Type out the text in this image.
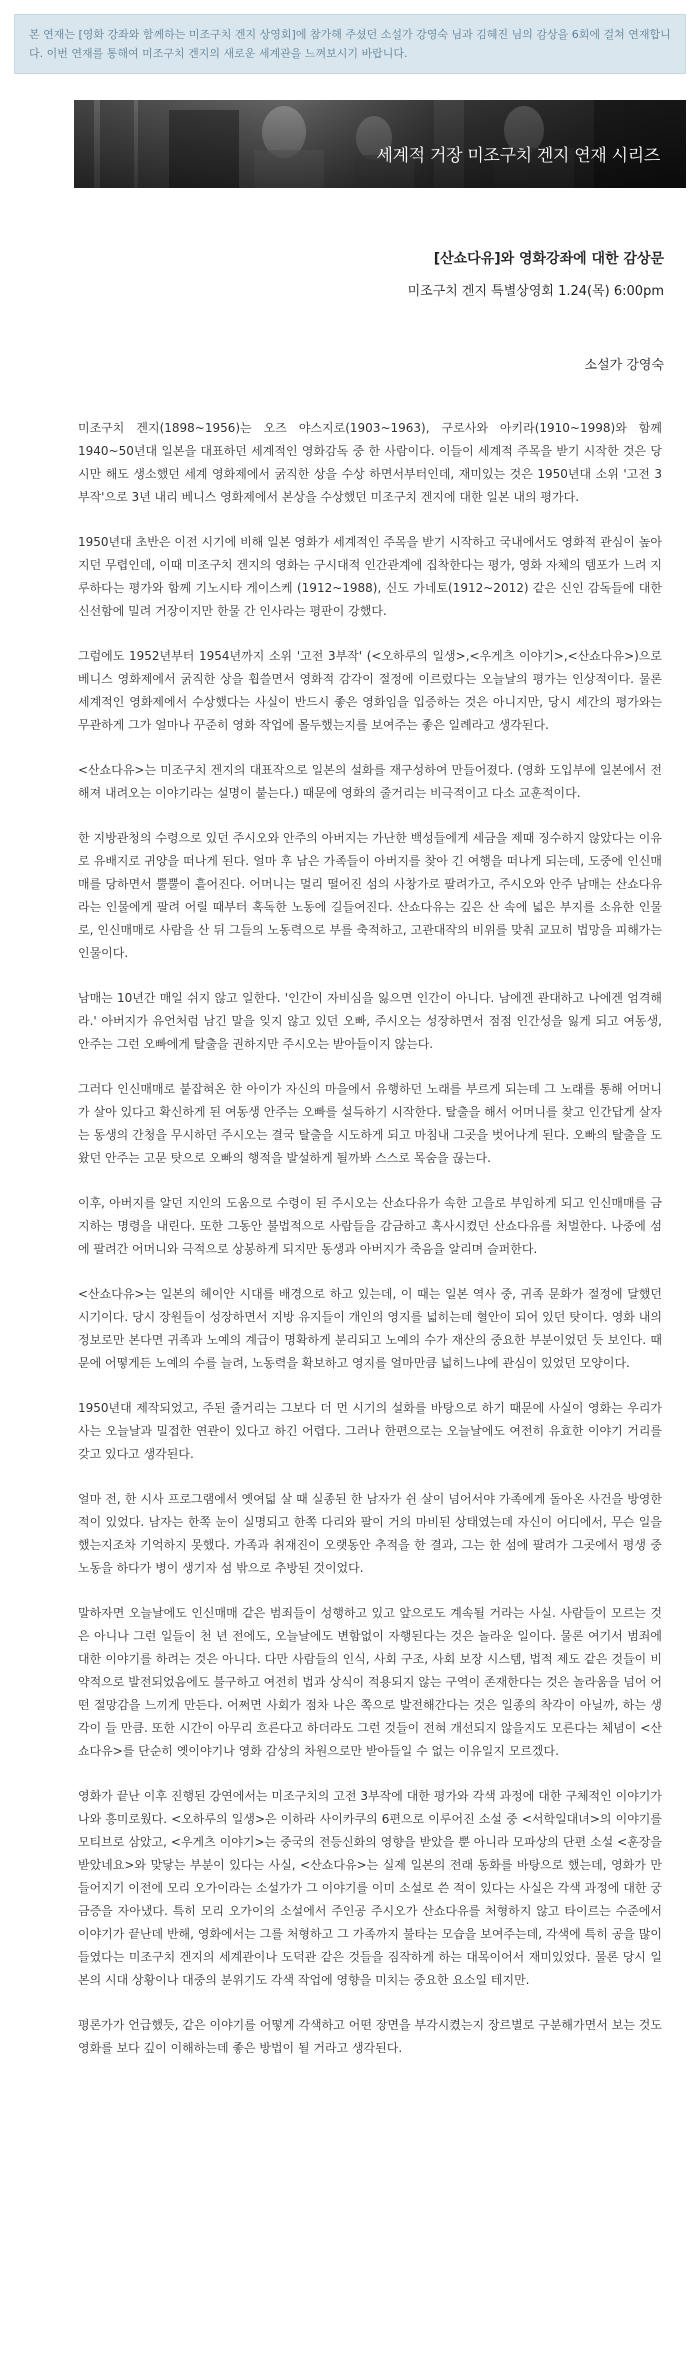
본 연재는 [영화 강좌와 함께하는 미조구치 겐지 상영회]에 참가해 주셨던 소설가 강영숙 님과 김혜진 님의 감상을 6회에 걸쳐 연재합니다. 이번 연재를 통해여 미조구치 겐지의 새로운 세계관을 느껴보시기 바랍니다.
세계적 거장 미조구치 겐지 연재 시리즈
[산쇼다유]와 영화강좌에 대한 감상문
미조구치 겐지 특별상영회 1.24(목) 6:00pm
소설가 강영숙

미조구치 겐지(1898~1956)는 오즈 야스지로(1903~1963), 구로사와 아키라(1910~1998)와 함께 1940~50년대 일본을 대표하던 세계적인 영화감독 중 한 사람이다. 이들이 세계적 주목을 받기 시작한 것은 당시만 해도 생소했던 세계 영화제에서 굵직한 상을 수상 하면서부터인데, 재미있는 것은 1950년대 소위 '고전 3부작'으로 3년 내리 베니스 영화제에서 본상을 수상했던 미조구치 겐지에 대한 일본 내의 평가다.

1950년대 초반은 이전 시기에 비해 일본 영화가 세계적인 주목을 받기 시작하고 국내에서도 영화적 관심이 높아지던 무렵인데, 이때 미조구치 겐지의 영화는 구시대적 인간관계에 집착한다는 평가, 영화 자체의 템포가 느려 지루하다는 평가와 함께 기노시타 게이스케 (1912~1988), 신도 가네토(1912~2012) 같은 신인 감독들에 대한 신선함에 밀려 거장이지만 한물 간 인사라는 평판이 강했다.

그럼에도 1952년부터 1954년까지 소위 '고전 3부작' (<오하루의 일생>,<우게츠 이야기>,<산쇼다유>)으로 베니스 영화제에서 굵직한 상을 휩쓸면서 영화적 감각이 절정에 이르렀다는 오늘날의 평가는 인상적이다. 물론 세계적인 영화제에서 수상했다는 사실이 반드시 좋은 영화임을 입증하는 것은 아니지만, 당시 세간의 평가와는 무관하게 그가 얼마나 꾸준히 영화 작업에 몰두했는지를 보여주는 좋은 일례라고 생각된다.

<산쇼다유>는 미조구치 겐지의 대표작으로 일본의 설화를 재구성하여 만들어졌다. (영화 도입부에 일본에서 전해져 내려오는 이야기라는 설명이 붙는다.) 때문에 영화의 줄거리는 비극적이고 다소 교훈적이다.

한 지방관청의 수령으로 있던 주시오와 안주의 아버지는 가난한 백성들에게 세금을 제때 징수하지 않았다는 이유로 유배지로 귀양을 떠나게 된다. 얼마 후 남은 가족들이 아버지를 찾아 긴 여행을 떠나게 되는데, 도중에 인신매매를 당하면서 뿔뿔이 흩어진다. 어머니는 멀리 떨어진 섬의 사창가로 팔려가고, 주시오와 안주 남매는 산쇼다유라는 인물에게 팔려 어릴 때부터 혹독한 노동에 길들여진다. 산쇼다유는 깊은 산 속에 넓은 부지를 소유한 인물로, 인신매매로 사람을 산 뒤 그들의 노동력으로 부를 축적하고, 고관대작의 비위를 맞춰 교묘히 법망을 피해가는 인물이다.

남매는 10년간 매일 쉬지 않고 일한다. '인간이 자비심을 잃으면 인간이 아니다. 남에겐 관대하고 나에겐 엄격해라.' 아버지가 유언처럼 남긴 말을 잊지 않고 있던 오빠, 주시오는 성장하면서 점점 인간성을 잃게 되고 여동생, 안주는 그런 오빠에게 탈출을 권하지만 주시오는 받아들이지 않는다.

그러다 인신매매로 붙잡혀온 한 아이가 자신의 마을에서 유행하던 노래를 부르게 되는데 그 노래를 통해 어머니가 살아 있다고 확신하게 된 여동생 안주는 오빠를 설득하기 시작한다. 탈출을 해서 어머니를 찾고 인간답게 살자는 동생의 간청을 무시하던 주시오는 결국 탈출을 시도하게 되고 마침내 그곳을 벗어나게 된다. 오빠의 탈출을 도왔던 안주는 고문 탓으로 오빠의 행적을 발설하게 될까봐 스스로 목숨을 끊는다.

이후, 아버지를 알던 지인의 도움으로 수령이 된 주시오는 산쇼다유가 속한 고을로 부임하게 되고 인신매매를 금지하는 명령을 내린다. 또한 그동안 불법적으로 사람들을 감금하고 혹사시켰던 산쇼다유를 처벌한다. 나중에 섬에 팔려간 어머니와 극적으로 상봉하게 되지만 동생과 아버지가 죽음을 알리며 슬퍼한다.

<산쇼다유>는 일본의 헤이안 시대를 배경으로 하고 있는데, 이 때는 일본 역사 중, 귀족 문화가 절정에 달했던 시기이다. 당시 장원들이 성장하면서 지방 유지들이 개인의 영지를 넓히는데 혈안이 되어 있던 탓이다. 영화 내의 정보로만 본다면 귀족과 노예의 계급이 명확하게 분리되고 노예의 수가 재산의 중요한 부분이었던 듯 보인다. 때문에 어떻게든 노예의 수를 늘려, 노동력을 확보하고 영지를 얼마만큼 넓히느냐에 관심이 있었던 모양이다.

1950년대 제작되었고, 주된 줄거리는 그보다 더 먼 시기의 설화를 바탕으로 하기 때문에 사실이 영화는 우리가 사는 오늘날과 밀접한 연관이 있다고 하긴 어렵다. 그러나 한편으로는 오늘날에도 여전히 유효한 이야기 거리를 갖고 있다고 생각된다.

얼마 전, 한 시사 프로그램에서 옛여덟 살 때 실종된 한 남자가 쉰 살이 넘어서야 가족에게 돌아온 사건을 방영한 적이 있었다. 남자는 한쪽 눈이 실명되고 한쪽 다리와 팔이 거의 마비된 상태였는데 자신이 어디에서, 무슨 일을 했는지조차 기억하지 못했다. 가족과 취재진이 오랫동안 추적을 한 결과, 그는 한 섬에 팔려가 그곳에서 평생 중노동을 하다가 병이 생기자 섬 밖으로 추방된 것이었다.

말하자면 오늘날에도 인신매매 같은 범죄들이 성행하고 있고 앞으로도 계속될 거라는 사실. 사람들이 모르는 것은 아니나 그런 일들이 천 년 전에도, 오늘날에도 변함없이 자행된다는 것은 놀라운 일이다. 물론 여기서 범죄에 대한 이야기를 하려는 것은 아니다. 다만 사람들의 인식, 사회 구조, 사회 보장 시스템, 법적 제도 같은 것들이 비약적으로 발전되었음에도 불구하고 여전히 법과 상식이 적용되지 않는 구역이 존재한다는 것은 놀라움을 넘어 어떤 절망감을 느끼게 만든다. 어쩌면 사회가 점차 나은 쪽으로 발전해간다는 것은 일종의 착각이 아닐까, 하는 생각이 들 만큼. 또한 시간이 아무리 흐른다고 하더라도 그런 것들이 전혀 개선되지 않을지도 모른다는 체념이 <산쇼다유>를 단순히 옛이야기나 영화 감상의 차원으로만 받아들일 수 없는 이유일지 모르겠다.

영화가 끝난 이후 진행된 강연에서는 미조구치의 고전 3부작에 대한 평가와 각색 과정에 대한 구체적인 이야기가 나와 흥미로웠다. <오하루의 일생>은 이하라 사이카쿠의 6편으로 이루어진 소설 중 <서학일대녀>의 이야기를 모티브로 삼았고, <우게츠 이야기>는 중국의 전등신화의 영향을 받았을 뿐 아니라 모파상의 단편 소설 <훈장을 받았네요>와 맞닿는 부분이 있다는 사실, <산쇼다유>는 실제 일본의 전래 동화를 바탕으로 했는데, 영화가 만들어지기 이전에 모리 오가이라는 소설가가 그 이야기를 이미 소설로 쓴 적이 있다는 사실은 각색 과정에 대한 궁금증을 자아냈다. 특히 모리 오가이의 소설에서 주인공 주시오가 산쇼다유를 처형하지 않고 타이르는 수준에서 이야기가 끝난데 반해, 영화에서는 그를 처형하고 그 가족까지 불타는 모습을 보여주는데, 각색에 특히 공을 많이 들였다는 미조구치 겐지의 세계관이나 도덕관 같은 것들을 짐작하게 하는 대목이어서 재미있었다. 물론 당시 일본의 시대 상황이나 대중의 분위기도 각색 작업에 영향을 미치는 중요한 요소일 테지만.

평론가가 언급했듯, 같은 이야기를 어떻게 각색하고 어떤 장면을 부각시켰는지 장르별로 구분해가면서 보는 것도 영화를 보다 깊이 이해하는데 좋은 방법이 될 거라고 생각된다.
